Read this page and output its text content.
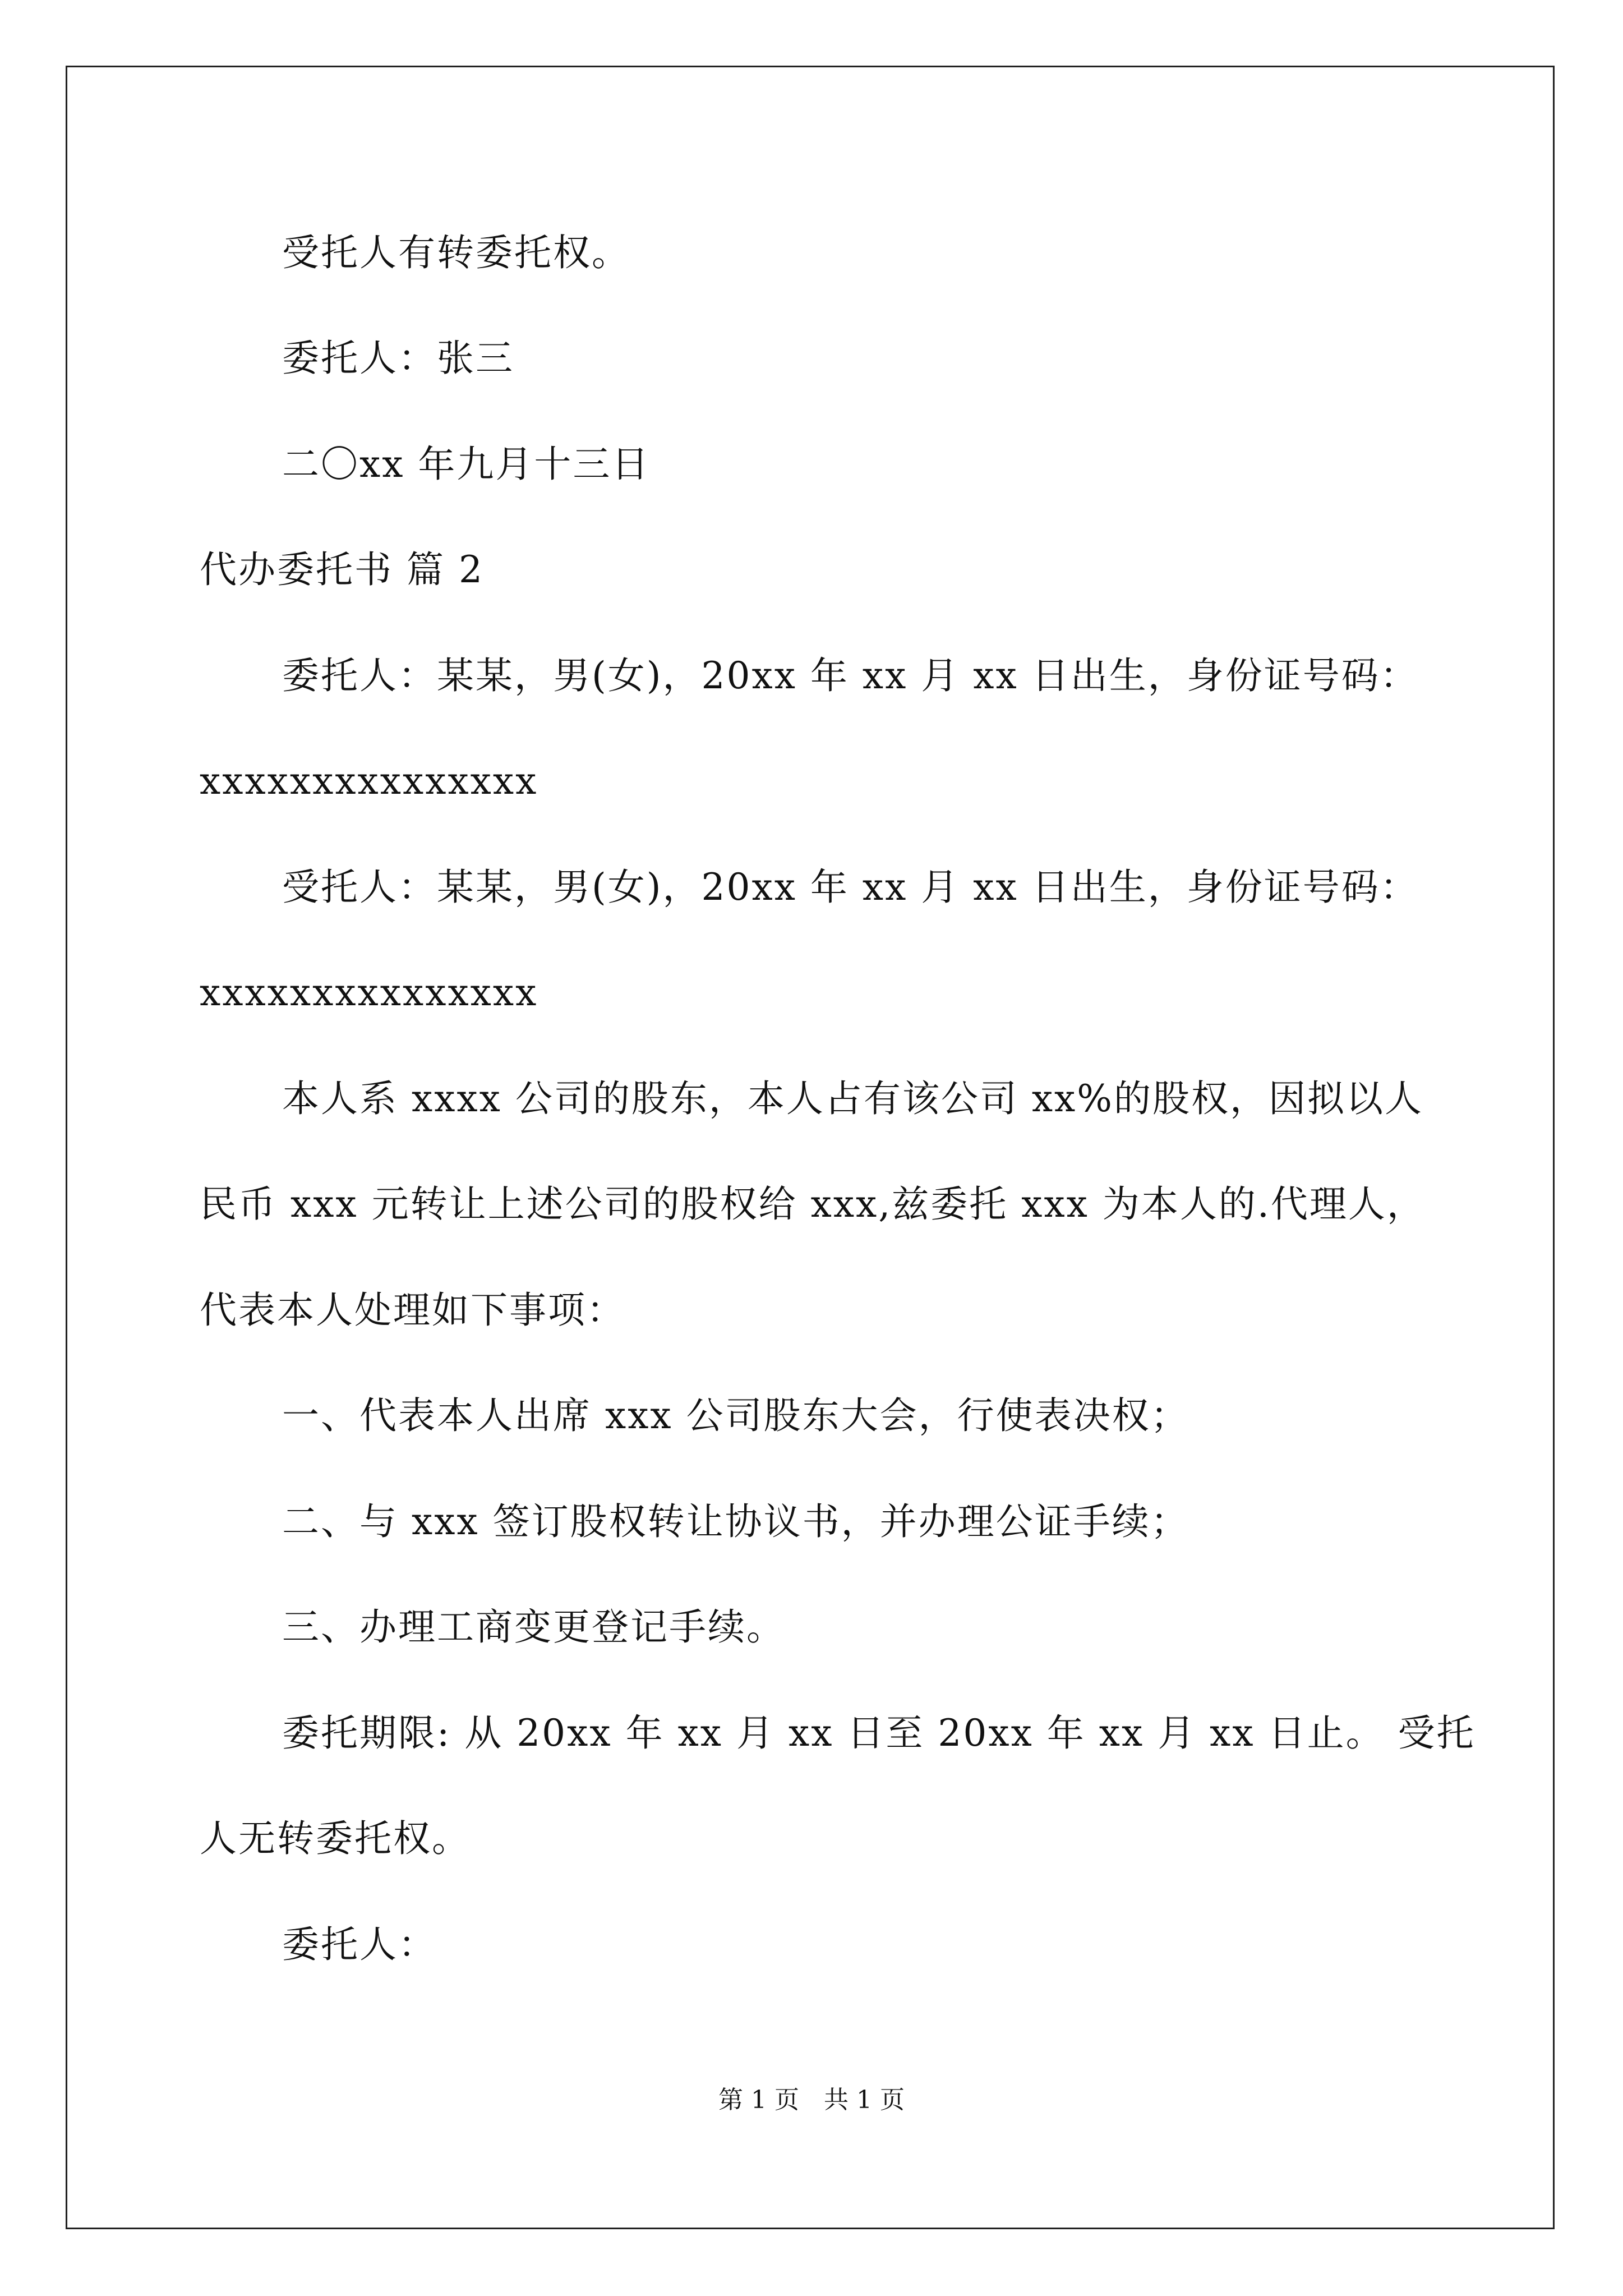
受托人有转委托权。
委托人：张三
二〇xx 年九月十三日
代办委托书 篇 2
委托人：某某，男(女)，20xx 年 xx 月 xx 日出生，身份证号码：
xxxxxxxxxxxxxxx
受托人：某某，男(女)，20xx 年 xx 月 xx 日出生，身份证号码：
xxxxxxxxxxxxxxx
本人系 xxxx 公司的股东，本人占有该公司 xx%的股权，因拟以人
民币 xxx 元转让上述公司的股权给 xxx,兹委托 xxx 为本人的.代理人，
代表本人处理如下事项：
一、代表本人出席 xxx 公司股东大会，行使表决权；
二、与 xxx 签订股权转让协议书，并办理公证手续；
三、办理工商变更登记手续。
委托期限: 从 20xx 年 xx 月 xx 日至 20xx 年 xx 月 xx 日止。 受托
人无转委托权。
委托人：
第 1 页　共 1 页
